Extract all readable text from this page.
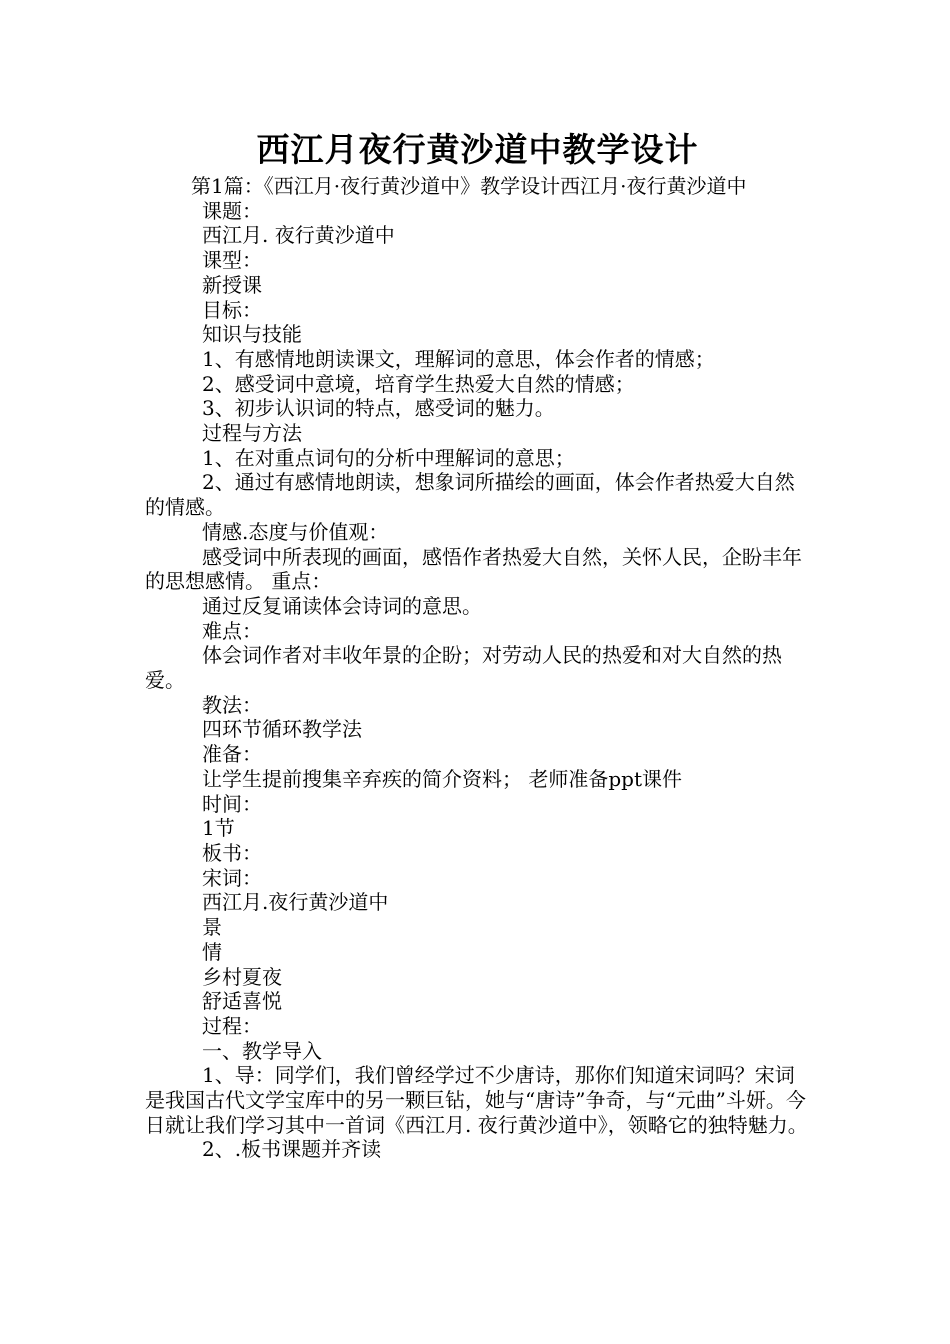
西江月夜行黄沙道中教学设计

第1篇：《西江月·夜行黄沙道中》教学设计西江月·夜行黄沙道中

课题：

西江月. 夜行黄沙道中

课型：

新授课

目标：

知识与技能

1、有感情地朗读课文，理解词的意思，体会作者的情感；

2、感受词中意境，培育学生热爱大自然的情感；

3、初步认识词的特点，感受词的魅力。

过程与方法

1、在对重点词句的分析中理解词的意思；

2、通过有感情地朗读，想象词所描绘的画面，体会作者热爱大自然的情感。

情感.态度与价值观：

感受词中所表现的画面，感悟作者热爱大自然，关怀人民，企盼丰年的思想感情。 重点：

通过反复诵读体会诗词的意思。

难点：

体会词作者对丰收年景的企盼；对劳动人民的热爱和对大自然的热爱。

教法：

四环节循环教学法

准备：

让学生提前搜集辛弃疾的简介资料； 老师准备ppt课件

时间：

1节

板书：

宋词：

西江月.夜行黄沙道中

景

情

乡村夏夜

舒适喜悦

过程：

一、教学导入

1、导：同学们，我们曾经学过不少唐诗，那你们知道宋词吗？宋词是我国古代文学宝库中的另一颗巨钻，她与“唐诗”争奇，与“元曲”斗妍。今日就让我们学习其中一首词《西江月. 夜行黄沙道中》，领略它的独特魅力。

2、.板书课题并齐读
